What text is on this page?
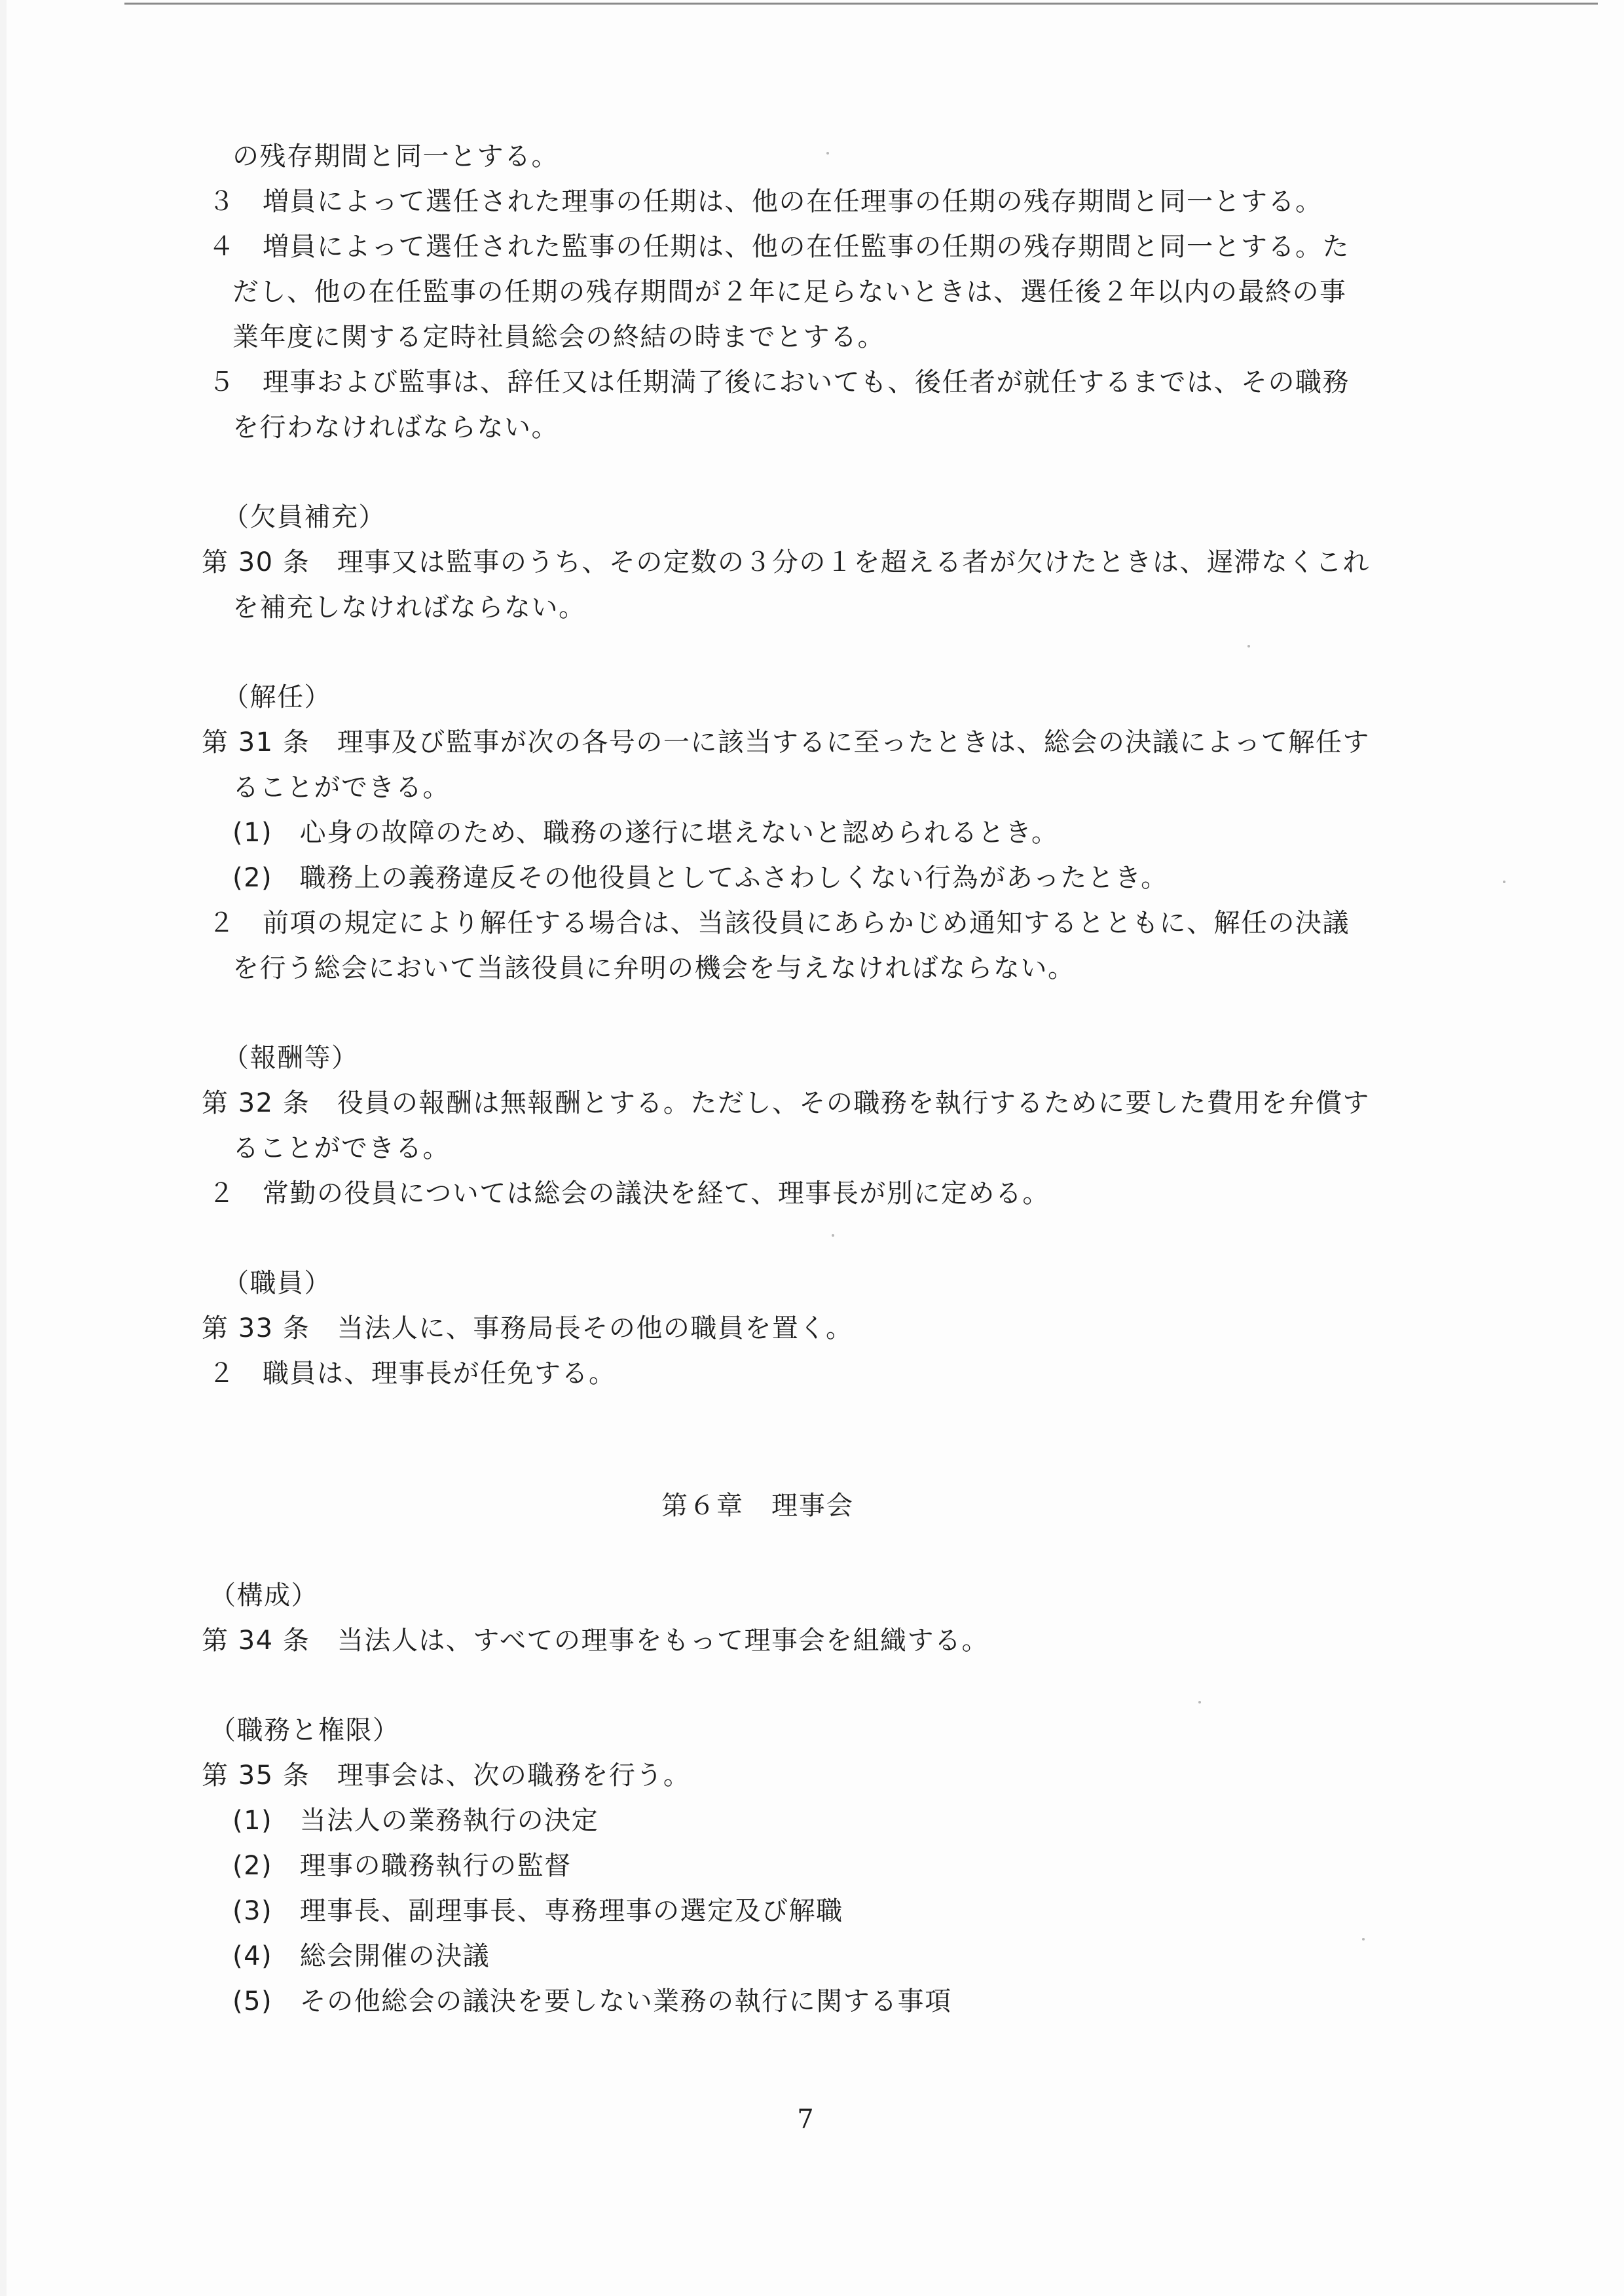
の残存期間と同一とする。
３　増員によって選任された理事の任期は、他の在任理事の任期の残存期間と同一とする。
４　増員によって選任された監事の任期は、他の在任監事の任期の残存期間と同一とする。た
だし、他の在任監事の任期の残存期間が２年に足らないときは、選任後２年以内の最終の事
業年度に関する定時社員総会の終結の時までとする。
５　理事および監事は、辞任又は任期満了後においても、後任者が就任するまでは、その職務
を行わなければならない。
（欠員補充）
第 30 条　理事又は監事のうち、その定数の３分の１を超える者が欠けたときは、遅滞なくこれ
を補充しなければならない。
（解任）
第 31 条　理事及び監事が次の各号の一に該当するに至ったときは、総会の決議によって解任す
ることができる。
(1)　心身の故障のため、職務の遂行に堪えないと認められるとき。
(2)　職務上の義務違反その他役員としてふさわしくない行為があったとき。
２　前項の規定により解任する場合は、当該役員にあらかじめ通知するとともに、解任の決議
を行う総会において当該役員に弁明の機会を与えなければならない。
（報酬等）
第 32 条　役員の報酬は無報酬とする。ただし、その職務を執行するために要した費用を弁償す
ることができる。
２　常勤の役員については総会の議決を経て、理事長が別に定める。
（職員）
第 33 条　当法人に、事務局長その他の職員を置く。
２　職員は、理事長が任免する。
第６章　理事会
（構成）
第 34 条　当法人は、すべての理事をもって理事会を組織する。
（職務と権限）
第 35 条　理事会は、次の職務を行う。
(1)　当法人の業務執行の決定
(2)　理事の職務執行の監督
(3)　理事長、副理事長、専務理事の選定及び解職
(4)　総会開催の決議
(5)　その他総会の議決を要しない業務の執行に関する事項
7
